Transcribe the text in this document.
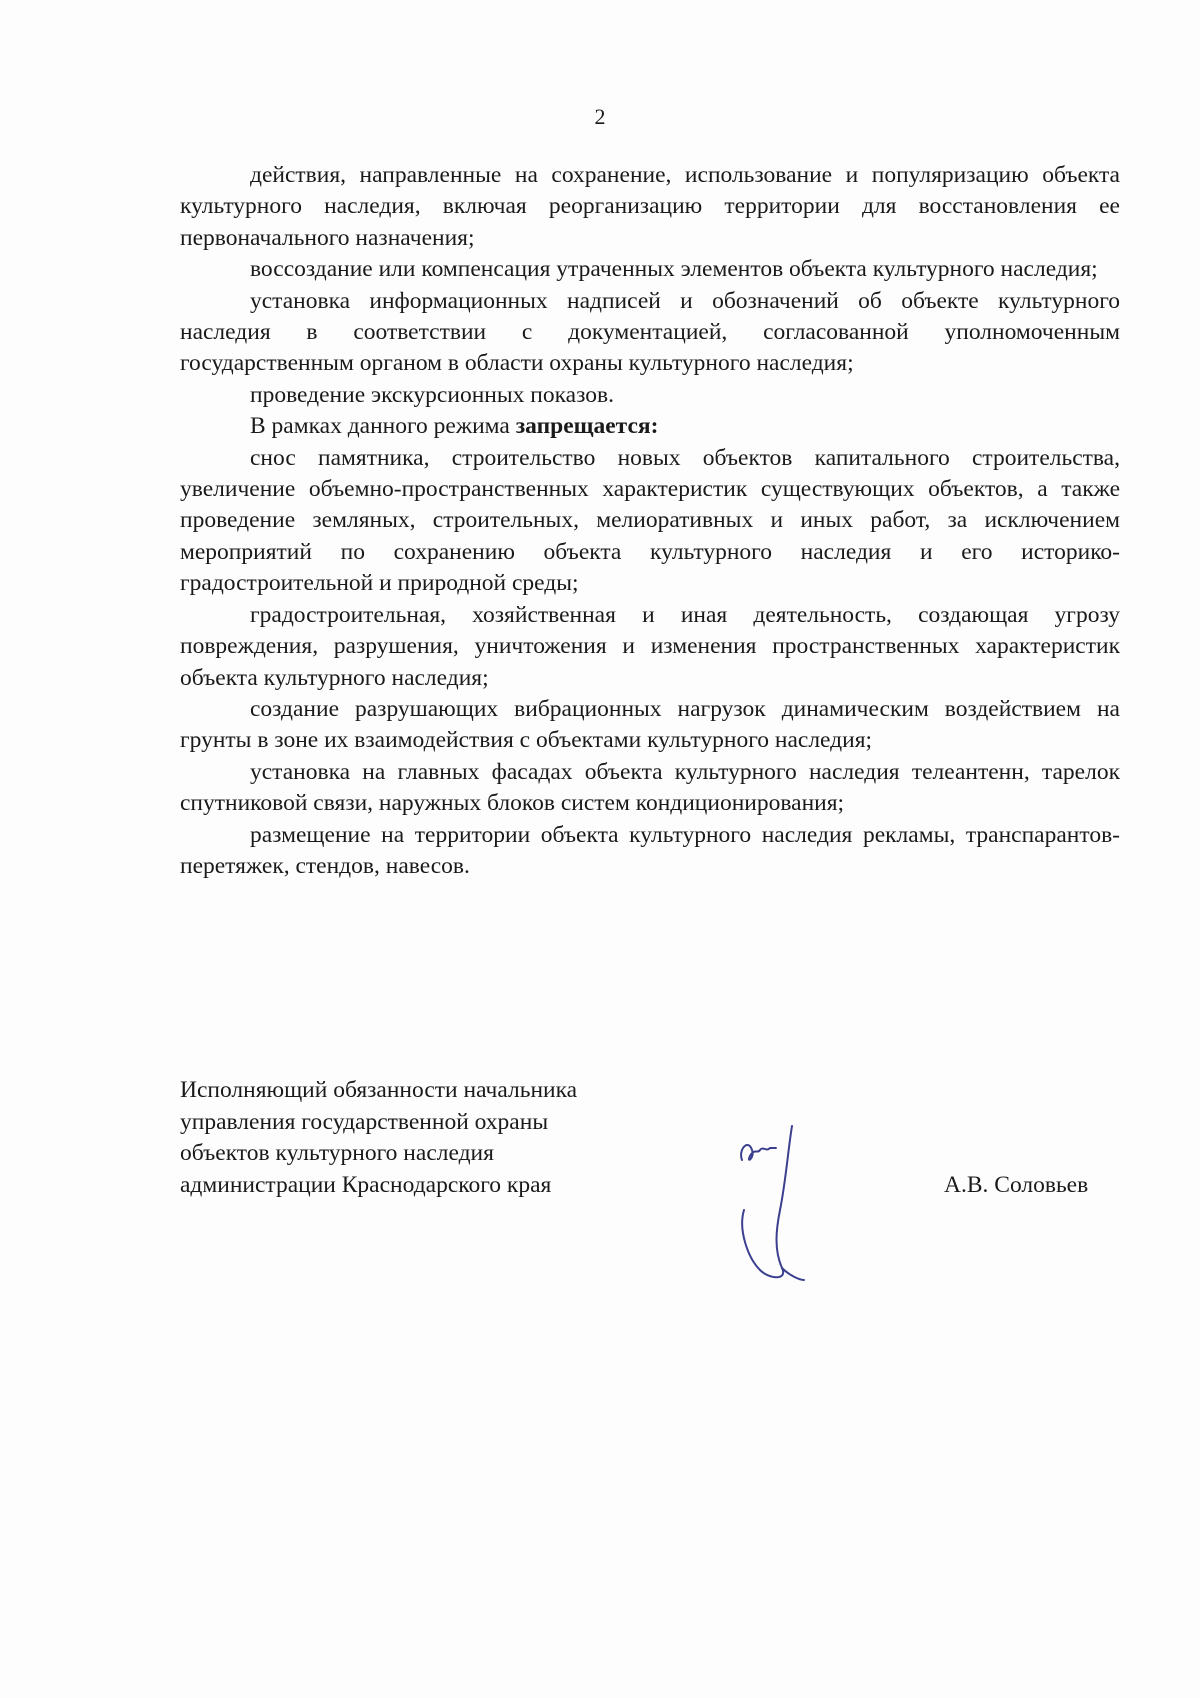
2

действия, направленные на сохранение, использование и популяризацию объекта культурного наследия, включая реорганизацию территории для восстановления ее первоначального назначения;

воссоздание или компенсация утраченных элементов объекта культурного наследия;

установка информационных надписей и обозначений об объекте культурного наследия в соответствии с документацией, согласованной уполномоченным государственным органом в области охраны культурного наследия;

проведение экскурсионных показов.

В рамках данного режима запрещается:

снос памятника, строительство новых объектов капитального строительства, увеличение объемно-пространственных характеристик существующих объектов, а также проведение земляных, строительных, мелиоративных и иных работ, за исключением мероприятий по сохранению объекта культурного наследия и его историко-градостроительной и природной среды;

градостроительная, хозяйственная и иная деятельность, создающая угрозу повреждения, разрушения, уничтожения и изменения пространственных характеристик объекта культурного наследия;

создание разрушающих вибрационных нагрузок динамическим воздействием на грунты в зоне их взаимодействия с объектами культурного наследия;

установка на главных фасадах объекта культурного наследия телеантенн, тарелок спутниковой связи, наружных блоков систем кондиционирования;

размещение на территории объекта культурного наследия рекламы, транспарантов-перетяжек, стендов, навесов.

Исполняющий обязанности начальника
управления государственной охраны
объектов культурного наследия
администрации Краснодарского края	А.В. Соловьев
